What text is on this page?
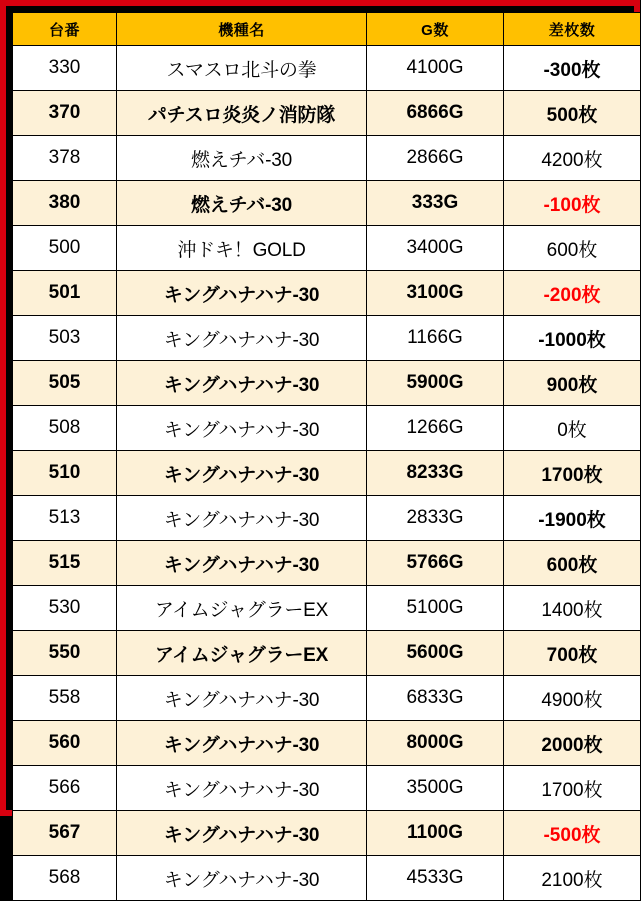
台番	機種名	G数	差枚数
330	スマスロ北斗の拳	4100G	-300枚
370	パチスロ炎炎ノ消防隊	6866G	500枚
378	燃えチバ-30	2866G	4200枚
380	燃えチバ-30	333G	-100枚
500	沖ドキ！GOLD	3400G	600枚
501	キングハナハナ-30	3100G	-200枚
503	キングハナハナ-30	1166G	-1000枚
505	キングハナハナ-30	5900G	900枚
508	キングハナハナ-30	1266G	0枚
510	キングハナハナ-30	8233G	1700枚
513	キングハナハナ-30	2833G	-1900枚
515	キングハナハナ-30	5766G	600枚
530	アイムジャグラーEX	5100G	1400枚
550	アイムジャグラーEX	5600G	700枚
558	キングハナハナ-30	6833G	4900枚
560	キングハナハナ-30	8000G	2000枚
566	キングハナハナ-30	3500G	1700枚
567	キングハナハナ-30	1100G	-500枚
568	キングハナハナ-30	4533G	2100枚
